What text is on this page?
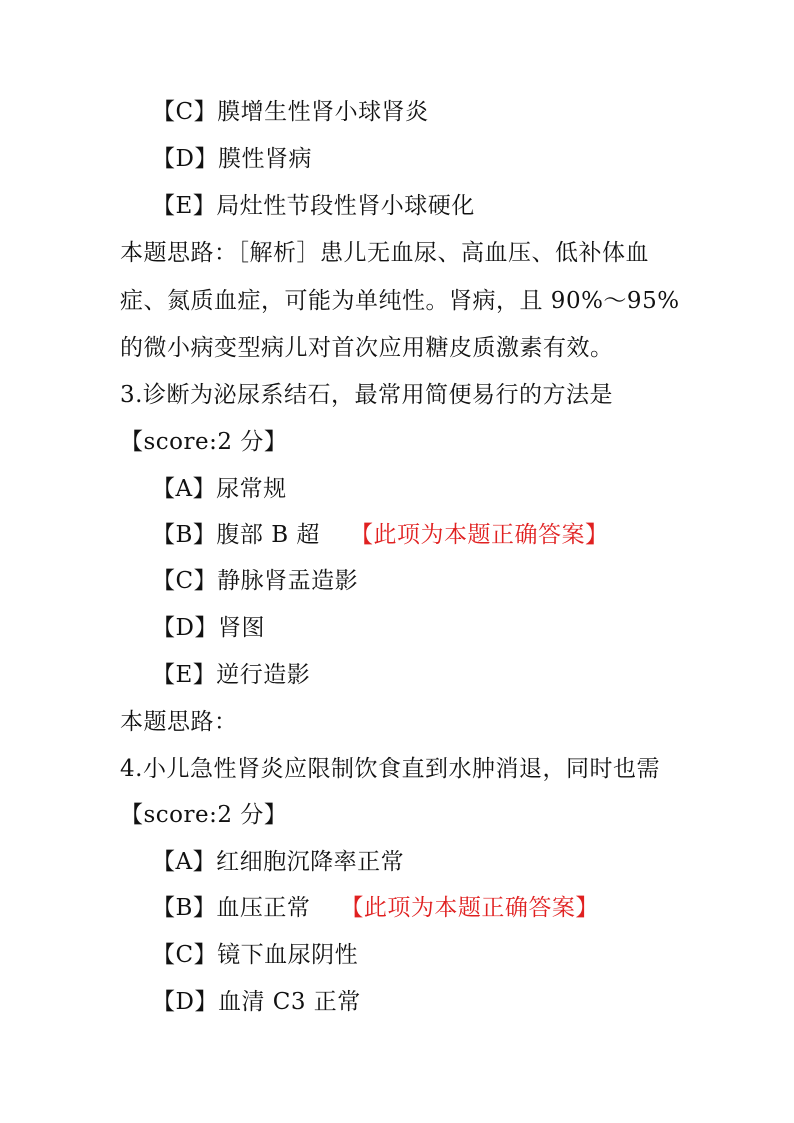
【C】膜增生性肾小球肾炎
【D】膜性肾病
【E】局灶性节段性肾小球硬化
本题思路：［解析］患儿无血尿、高血压、低补体血
症、氮质血症，可能为单纯性。肾病，且 90%～95%
的微小病变型病儿对首次应用糖皮质激素有效。
3.诊断为泌尿系结石，最常用简便易行的方法是
【score:2 分】
【A】尿常规
【B】腹部 B 超 【此项为本题正确答案】
【C】静脉肾盂造影
【D】肾图
【E】逆行造影
本题思路：
4.小儿急性肾炎应限制饮食直到水肿消退，同时也需
【score:2 分】
【A】红细胞沉降率正常
【B】血压正常 【此项为本题正确答案】
【C】镜下血尿阴性
【D】血清 C3 正常
